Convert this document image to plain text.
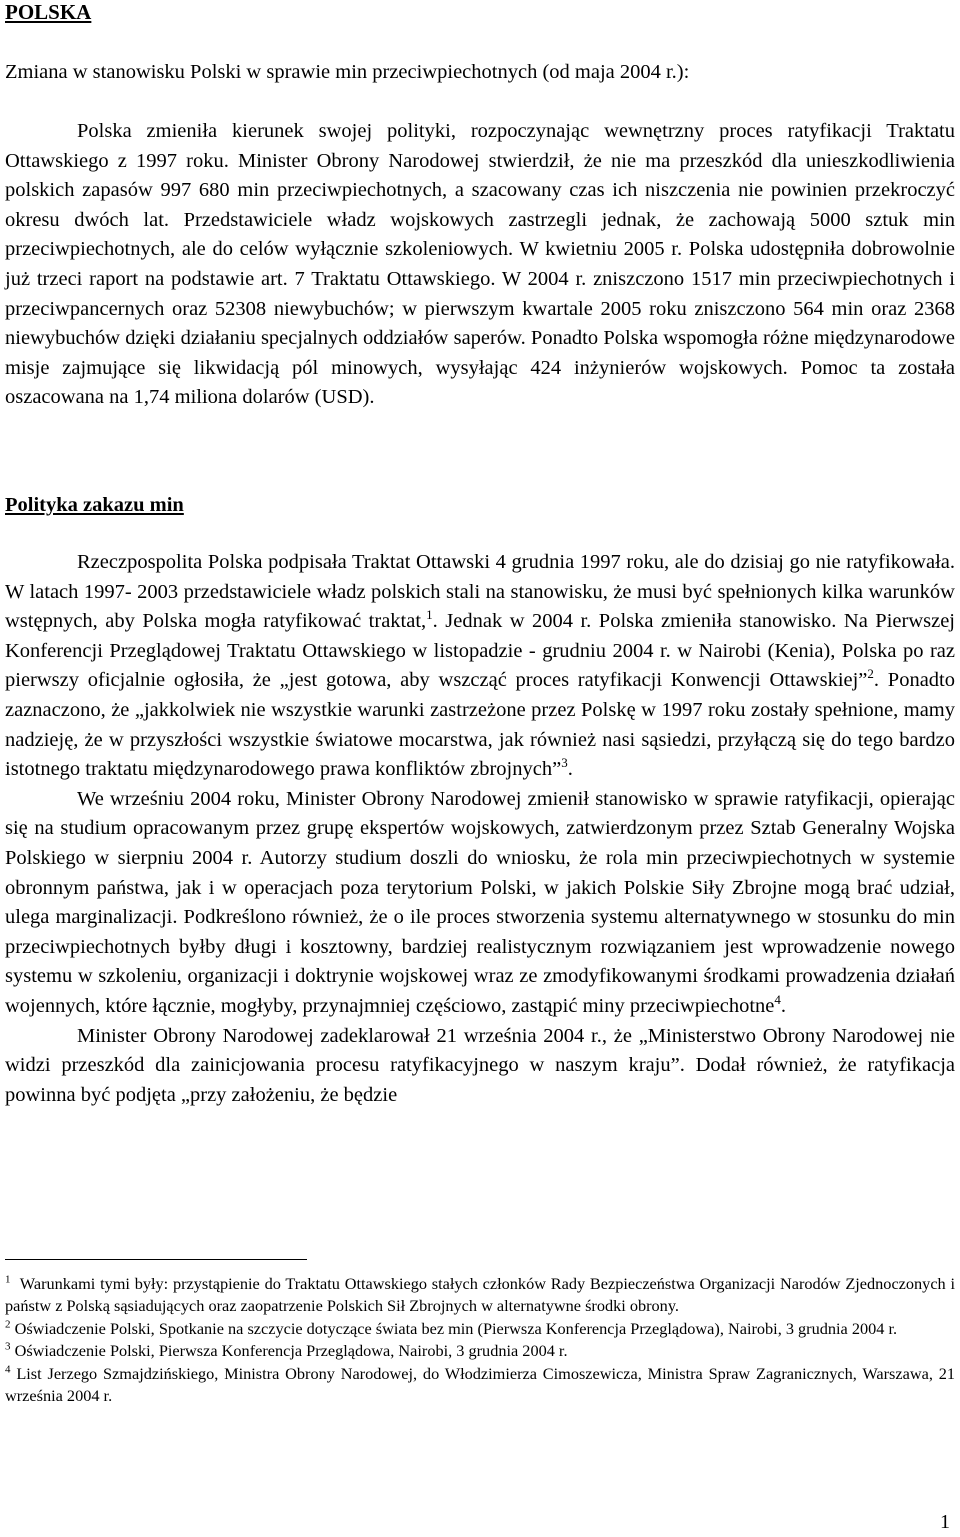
POLSKA

Zmiana w stanowisku Polski w sprawie min przeciwpiechotnych (od maja 2004 r.):

Polska zmieniła kierunek swojej polityki, rozpoczynając wewnętrzny proces ratyfikacji Traktatu Ottawskiego z 1997 roku. Minister Obrony Narodowej stwierdził, że nie ma przeszkód dla unieszkodliwienia polskich zapasów 997 680 min przeciwpiechotnych, a szacowany czas ich niszczenia nie powinien przekroczyć okresu dwóch lat. Przedstawiciele władz wojskowych zastrzegli jednak, że zachowają 5000 sztuk min przeciwpiechotnych, ale do celów wyłącznie szkoleniowych. W kwietniu 2005 r. Polska udostępniła dobrowolnie już trzeci raport na podstawie art. 7 Traktatu Ottawskiego. W 2004 r. zniszczono 1517 min przeciwpiechotnych i przeciwpancernych oraz 52308 niewybuchów; w pierwszym kwartale 2005 roku zniszczono 564 min oraz 2368 niewybuchów dzięki działaniu specjalnych oddziałów saperów. Ponadto Polska wspomogła różne międzynarodowe misje zajmujące się likwidacją pól minowych, wysyłając 424 inżynierów wojskowych. Pomoc ta została oszacowana na 1,74 miliona dolarów (USD).

Polityka zakazu min

Rzeczpospolita Polska podpisała Traktat Ottawski 4 grudnia 1997 roku, ale do dzisiaj go nie ratyfikowała. W latach 1997- 2003 przedstawiciele władz polskich stali na stanowisku, że musi być spełnionych kilka warunków wstępnych, aby Polska mogła ratyfikować traktat,$^1$. Jednak w 2004 r. Polska zmieniła stanowisko. Na Pierwszej Konferencji Przeglądowej Traktatu Ottawskiego w listopadzie - grudniu 2004 r. w Nairobi (Kenia), Polska po raz pierwszy oficjalnie ogłosiła, że „jest gotowa, aby wszcząć proces ratyfikacji Konwencji Ottawskiej”$^2$. Ponadto zaznaczono, że „jakkolwiek nie wszystkie warunki zastrzeżone przez Polskę w 1997 roku zostały spełnione, mamy nadzieję, że w przyszłości wszystkie światowe mocarstwa, jak również nasi sąsiedzi, przyłączą się do tego bardzo istotnego traktatu międzynarodowego prawa konfliktów zbrojnych”$^3$.

We wrześniu 2004 roku, Minister Obrony Narodowej zmienił stanowisko w sprawie ratyfikacji, opierając się na studium opracowanym przez grupę ekspertów wojskowych, zatwierdzonym przez Sztab Generalny Wojska Polskiego w sierpniu 2004 r. Autorzy studium doszli do wniosku, że rola min przeciwpiechotnych w systemie obronnym państwa, jak i w operacjach poza terytorium Polski, w jakich Polskie Siły Zbrojne mogą brać udział, ulega marginalizacji. Podkreślono również, że o ile proces stworzenia systemu alternatywnego w stosunku do min przeciwpiechotnych byłby długi i kosztowny, bardziej realistycznym rozwiązaniem jest wprowadzenie nowego systemu w szkoleniu, organizacji i doktrynie wojskowej wraz ze zmodyfikowanymi środkami prowadzenia działań wojennych, które łącznie, mogłyby, przynajmniej częściowo, zastąpić miny przeciwpiechotne$^4$.

Minister Obrony Narodowej zadeklarował 21 września 2004 r., że „Ministerstwo Obrony Narodowej nie widzi przeszkód dla zainicjowania procesu ratyfikacyjnego w naszym kraju”. Dodał również, że ratyfikacja powinna być podjęta „przy założeniu, że będzie

$^1$ Warunkami tymi były: przystąpienie do Traktatu Ottawskiego stałych członków Rady Bezpieczeństwa Organizacji Narodów Zjednoczonych i państw z Polską sąsiadujących oraz zaopatrzenie Polskich Sił Zbrojnych w alternatywne środki obrony.

$^2$ Oświadczenie Polski, Spotkanie na szczycie dotyczące świata bez min (Pierwsza Konferencja Przeglądowa), Nairobi, 3 grudnia 2004 r.

$^3$ Oświadczenie Polski, Pierwsza Konferencja Przeglądowa, Nairobi, 3 grudnia 2004 r.

$^4$ List Jerzego Szmajdzińskiego, Ministra Obrony Narodowej, do Włodzimierza Cimoszewicza, Ministra Spraw Zagranicznych, Warszawa, 21 września 2004 r.

1
